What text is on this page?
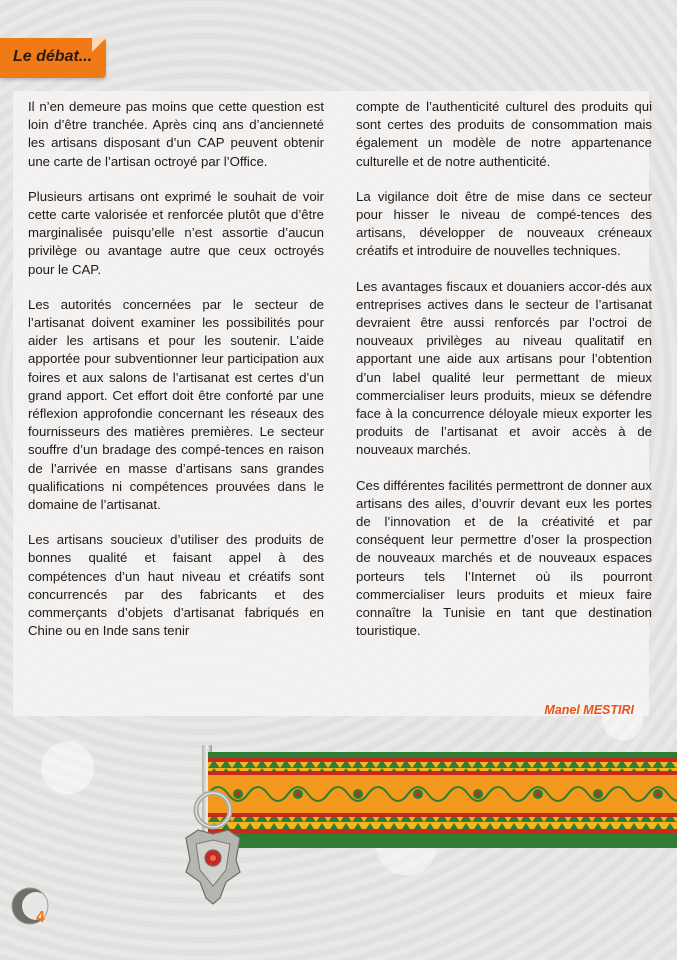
Le débat...

Il n’en demeure pas moins que cette question est loin d’être tranchée. Après cinq ans d’ancienneté les artisans disposant d’un CAP peuvent obtenir une carte de l’artisan octroyé par l’Office.

Plusieurs artisans ont exprimé le souhait de voir cette carte valorisée et renforcée plutôt que d’être marginalisée puisqu’elle n’est assortie d’aucun privilège ou avantage autre que ceux octroyés pour le CAP.

Les autorités concernées par le secteur de l’artisanat doivent examiner les possibilités pour aider les artisans et pour les soutenir. L’aide apportée pour subventionner leur participation aux foires et aux salons de l’artisanat est certes d’un grand apport. Cet effort doit être conforté par une réflexion approfondie concernant les réseaux des fournisseurs des matières premières. Le secteur souffre d’un bradage des compé-tences en raison de l’arrivée en masse d’artisans sans grandes qualifications ni compétences prouvées dans le domaine de l’artisanat.

Les artisans soucieux d’utiliser des produits de bonnes qualité et faisant appel à des compétences d’un haut niveau et créatifs sont concurrencés par des fabricants et des commerçants d’objets d’artisanat fabriqués en Chine ou en Inde sans tenir

compte de l’authenticité culturel des produits qui sont certes des produits de consommation mais également un modèle de notre appartenance culturelle et de notre authenticité.

La vigilance doit être de mise dans ce secteur pour hisser le niveau de compé-tences des artisans, développer de nouveaux créneaux créatifs et introduire de nouvelles techniques.

Les avantages fiscaux et douaniers accor-dés aux entreprises actives dans le secteur de l’artisanat devraient être aussi renforcés par l’octroi de nouveaux privilèges au niveau qualitatif en apportant une aide aux artisans pour l’obtention d’un label qualité leur permettant de mieux commercialiser leurs produits, mieux se défendre face à la concurrence déloyale mieux exporter les produits de l’artisanat et avoir accès à de nouveaux marchés.

Ces différentes facilités permettront de donner aux artisans des ailes, d’ouvrir devant eux les portes de l’innovation et de la créativité et par conséquent leur permettre d’oser la prospection de nouveaux marchés et de nouveaux espaces porteurs tels l’Internet où ils pourront commercialiser leurs produits et mieux faire connaître la Tunisie en tant que destination touristique.

Manel MESTIRI
4
